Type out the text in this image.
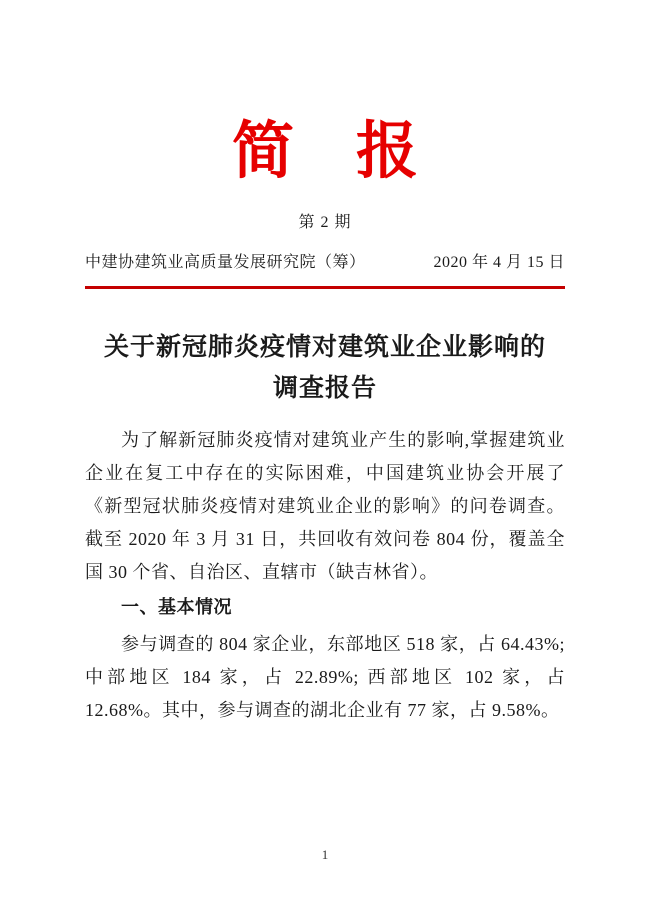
简　报
第 2 期
中建协建筑业高质量发展研究院（筹）	2020 年 4 月 15 日
关于新冠肺炎疫情对建筑业企业影响的
调查报告

为了解新冠肺炎疫情对建筑业产生的影响,掌握建筑业企业在复工中存在的实际困难，中国建筑业协会开展了《新型冠状肺炎疫情对建筑业企业的影响》的问卷调查。截至 2020 年 3 月 31 日，共回收有效问卷 804 份，覆盖全国 30 个省、自治区、直辖市（缺吉林省）。

一、基本情况

参与调查的 804 家企业，东部地区 518 家，占 64.43%; 中部地区 184 家，占 22.89%; 西部地区 102 家，占 12.68%。其中，参与调查的湖北企业有 77 家，占 9.58%。

1
